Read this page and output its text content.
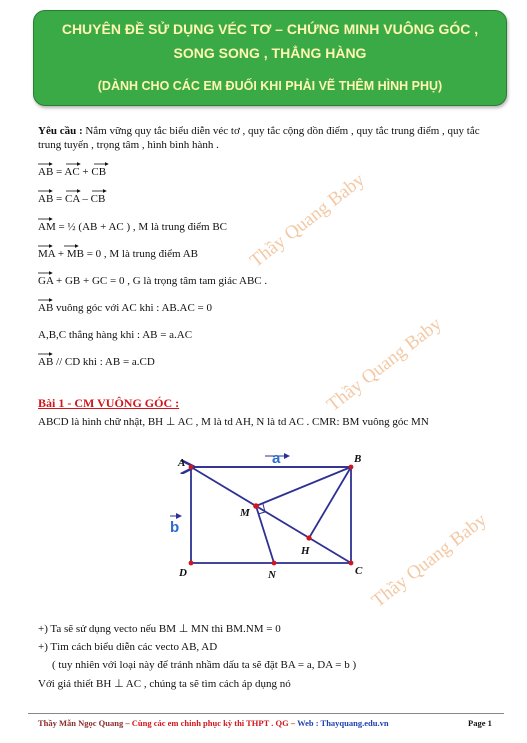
CHUYÊN ĐỀ SỬ DỤNG VÉC TƠ – CHỨNG MINH VUÔNG GÓC ,
SONG SONG , THẲNG HÀNG
(DÀNH CHO CÁC EM ĐUỐI KHI PHẢI VẼ THÊM HÌNH PHỤ)
Thầy Quang Baby
Thầy Quang Baby
Thầy Quang Baby
Yêu cầu : Nắm vững quy tắc biểu diễn véc tơ , quy tắc cộng dồn điểm , quy tắc trung điểm , quy tắc trung tuyến , trọng tâm , hình bình hành .
AB = AC + CB
AB = CA – CB
AM = ½ (AB + AC ) , M là trung điểm BC
MA + MB = 0 , M là trung điểm AB
GA + GB + GC = 0 , G là trọng tâm tam giác ABC .
AB vuông góc với AC khi : AB.AC = 0
A,B,C thẳng hàng khi : AB = a.AC
AB // CD khi : AB = a.CD
Bài 1 - CM VUÔNG GÓC :
ABCD là hình chữ nhật, BH ⊥ AC , M là td AH, N là td AC . CMR: BM vuông góc MN
A	B
C
D
M
H
N
a
b
+) Ta sẽ sử dụng vecto nếu BM ⊥ MN thì BM.NM = 0
+) Tìm cách biểu diễn các vecto AB, AD
( tuy nhiên với loại này để tránh nhầm dấu ta sẽ đặt BA = a, DA = b )
Với giả thiết BH ⊥ AC , chúng ta sẽ tìm cách áp dụng nó
Thầy Mẫn Ngọc Quang – Cùng các em chinh phục kỳ thi THPT . QG – Web : Thayquang.edu.vn	Page 1
